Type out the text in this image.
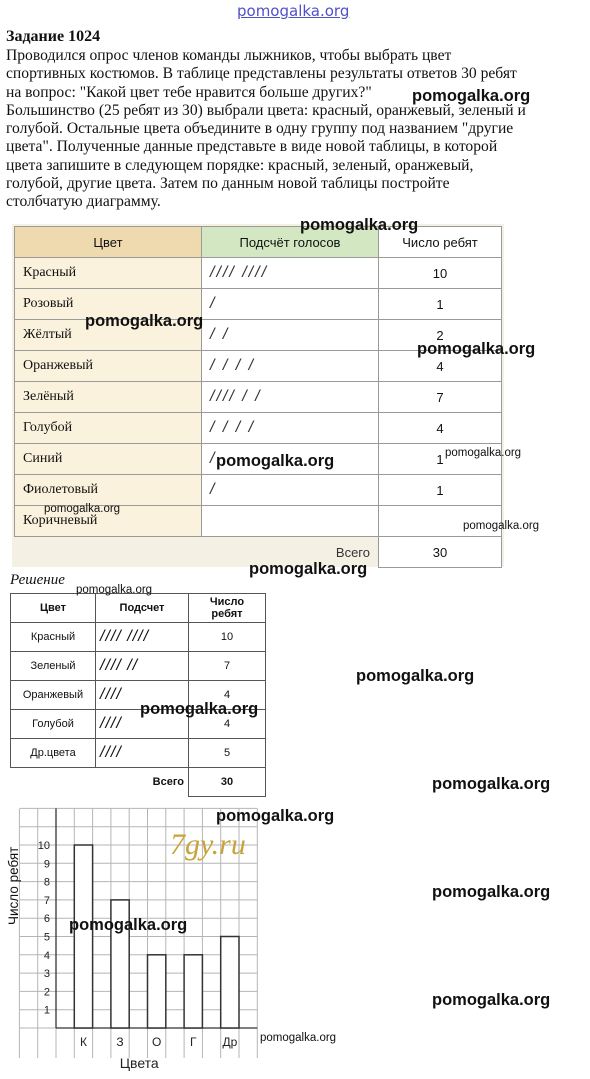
pomogalka.org
Задание 1024

Проводился опрос членов команды лыжников, чтобы выбрать цвет

спортивных костюмов. В таблице представлены результаты ответов 30 ребят

на вопрос: "Какой цвет тебе нравится больше других?"

Большинство (25 ребят из 30) выбрали цвета: красный, оранжевый, зеленый и

голубой. Остальные цвета объедините в одну группу под названием "другие

цвета". Полученные данные представьте в виде новой таблицы, в которой

цвета запишите в следующем порядке: красный, зеленый, оранжевый,

голубой, другие цвета. Затем по данным новой таблицы постройте

столбчатую диаграмму.

Цвет	Подсчёт голосов	Число ребят
Красный	//// ////	10
Розовый	/	1
Жёлтый	/ /	2
Оранжевый	/ / / /	4
Зелёный	//// / /	7
Голубой	/ / / /	4
Синий	/	1
Фиолетовый	/	1
Коричневый		
	Всего	30
Решение
Цвет	Подсчет	Число ребят
Красный	//// ////	10
Зеленый	//// //	7
Оранжевый	////	4
Голубой	////	4
Др.цвета	////	5
	Всего	30
1
2
3
4
5
6
7
8
9
10
К З О Г Др
Цвета
Число ребят
7gy.ru
pomogalka.org
pomogalka.org
pomogalka.org
pomogalka.org
pomogalka.org	pomogalka.org
pomogalka.org
pomogalka.org
pomogalka.org
pomogalka.org
pomogalka.org
pomogalka.org
pomogalka.org
pomogalka.org
pomogalka.org
pomogalka.org
pomogalka.org
pomogalka.org
